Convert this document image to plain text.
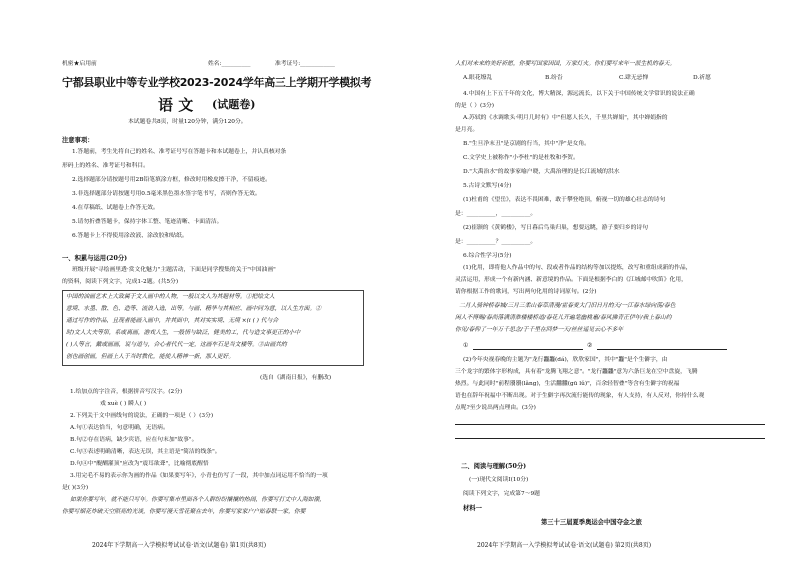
机密★启用前	姓名:__________	准考证号:____________
宁都县职业中等专业学校2023-2024学年高三上学期开学模拟考
语 文 (试题卷)
本试题卷共8页，时量120分钟，满分120分。
注意事项：
1.答题前，考生先将自己的姓名、准考证号写在答题卡和本试题卷上，并认真核对条
形码上的姓名、准考证号和科目。
2.选择题部分请按题号用2B铅笔填涂方框，修改时用橡皮擦干净，不留痕迹。
3.非选择题部分请按题号用0.5毫米黑色墨水签字笔书写，否则作答无效。
4.在草稿纸、试题卷上作答无效。
5.请勿折叠答题卡，保持字体工整、笔迹清晰、卡面清洁。
6.答题卡上不得使用涂改液、涂改胶和贴纸。
一、积累与运用(20分)
班级开展"寻绘画里透·赏文化魅力"主题活动，下面是同学搜集的关于"中国油画"
的资料，阅读下列文字，完成1-2题。(共5分)
中国的油画艺术上大致属于文人画中的人物，一般以文人为其题材等。①把绘文人
意境、水墨、散、色、造等、流浪入选，出等。与画、精华与其相应、画中同为意，以人生方面。②
通过写作的作品，且现者能画入画中，并其面中，其对实实境、无境 ×(i ( ) 代与合
时)文人大夫等第，系或离画，游戏人生，一般情与缺泛，健美的工，代与造文事更正的小中
( )人等言，戴或画画，说与道与，合心者代代一定，这画车石是当文楼等。③由画共的
创也画创画，但画上人于当时教化，能使人精神一新，那人更好。
(选自《湖南日报》，有删改)
1.给加点的字注音，根据拼音写汉字。(2分)
戏 xuè ( ) 瞬人( )
2.下列关于文中画线句的说法，正确的一项是（ ）(3分)
A.句①表达恰当，句意明确，无语病。
B.句②存在语病，缺少宾语，应在句末加"故事"。
C.句③表述明确清晰，表达无误，其主语是"简洁的线条"。
D.句④中"醍醐灌顶"应改为"震耳欲聋"，比喻彻底醒悟
3.用完毛不易的表示你为画的作品《如果要写年》，小青也仿写了一段，其中加点词运用不恰当的一项
是( )(3分)
如果你要写年，就不能只写年。你要写集市里面各个人群纷纷攘攘的热闹，你要写打丈中人海如潮，
你要写烟花炸破天空照亮的光谈，你要写漫天雪花聚在去年，你要写家家户户贴春联一家，你要
2024年下学期高一入学模拟考试试卷·语文(试题卷) 第1页(共8页)
人们对未来的美好祈愿，你要写国家因国，万家灯火。你们要写来年一派生机的春天。
A.眼花缭乱	B.纷沓	C.肆无忌惮	D.祈愿
4.中国有上下五千年的文化，博大精深，源远流长，以下关于中国传统文学常识的说法正确
的是（ ）(3分)
A.苏轼的《水调歌头·明月几时有》中"但愿人长久，千里共婵娟"，其中婵娟指的
是月亮。
B."生旦净末丑"是京剧的行当，其中"净"是女角。
C.文学史上被称作"小李杜"的是杜牧和李贺。
D."大禹治水"的故事家喻户晓，大禹治理的是长江流域的洪水
5.古诗文默写(4分)
(1)杜甫的《望岳》，表达不畏困难，敢于攀登绝顶，俯视一切的雄心壮志的诗句
是：__________，__________。
(2)崔颢的《黄鹤楼》，写日暮后鸟巢归巢，想要远眺，游子要归乡的诗句
是：__________？__________。
6.综合性学习(5分)
(1)化用，即将他人作品中的句、段或者作品的结构等加以提炼，改写和重组成新的作品，
灵活运用，形成一个有新内涵、新意境的作品。下面是根据李白的《江城邮中吹笛》化用，
请你根据工作的歌词，写出两句化用的诗词原句。(2分)
二月人骑钟桥春城/三月三柔山春草清漫/霍春麦大门旧日月的天/一江春水绿向荡/春色
闲人不得赐/春尚落满清淮楼楼桥道/春花儿开遍笔幽桃惠/春风拂青正伊年/我上春山约
你见/春仰了一年万千思念/于千里在回梦一天/丝丝遥见云心不多年
①	②
(2)今年央视春晚的主题为"龙行龘龘(dá)，欣欣家国"，其中"龘"是个生僻字，由
三个龙字的繁体字形构成，具有着"龙腾飞翔之意"。"龙行龘龘"意为六条巨龙在空中盘旋，飞腾
热烈。与此同时"前程朤朤(lǎng)，生活䲜䲜(gū lǔ)"，百余轻智叠"等含有生僻字的祝福
语也在辞年祝福中不断出现。对于生僻字再次流行能传的现象，有人支持，有人反对，你持什么观
点呢?至少说出两点理由。(3分)
二、阅读与理解(50分)
(一)现代文阅读Ⅰ(10分)
阅读下列文字，完成第7～9题
材料一
第三十三届夏季奥运会中国夺金之旅
2024年下学期高一入学模拟考试试卷·语文(试题卷) 第2页(共8页)
